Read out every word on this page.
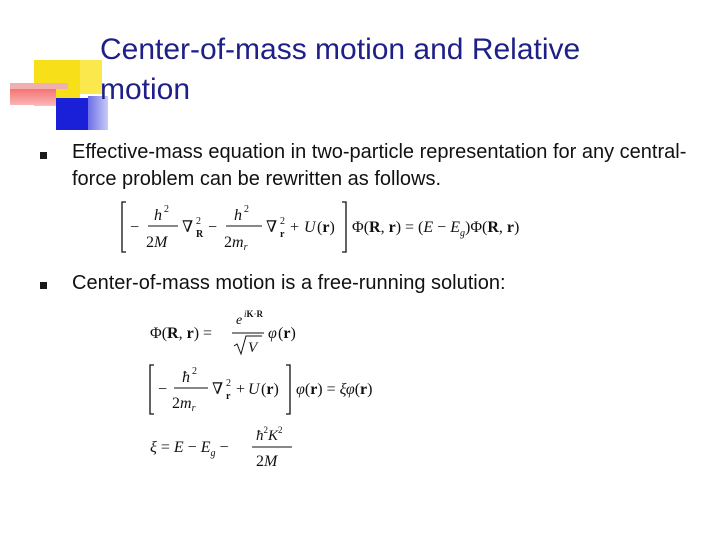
Center-of-mass motion and Relative motion
Effective-mass equation in two-particle representation for any central-force problem can be rewritten as follows.
−
h 2
2M
∇ 2
R −
h 2
2mr
∇ 2
r + U (r) Φ(R, $r) = (E - E_g)\Phi(R$, r)
Center-of-mass motion is a free-running solution:
Φ(R, r) =
e iK·R
V
φ (r)
−
ħ 2
2mr
∇ 2
r + U (r) φ(r) = ξφ(r)
$\xi = E - E_g$ −
$ħ^2K^2$
2M
